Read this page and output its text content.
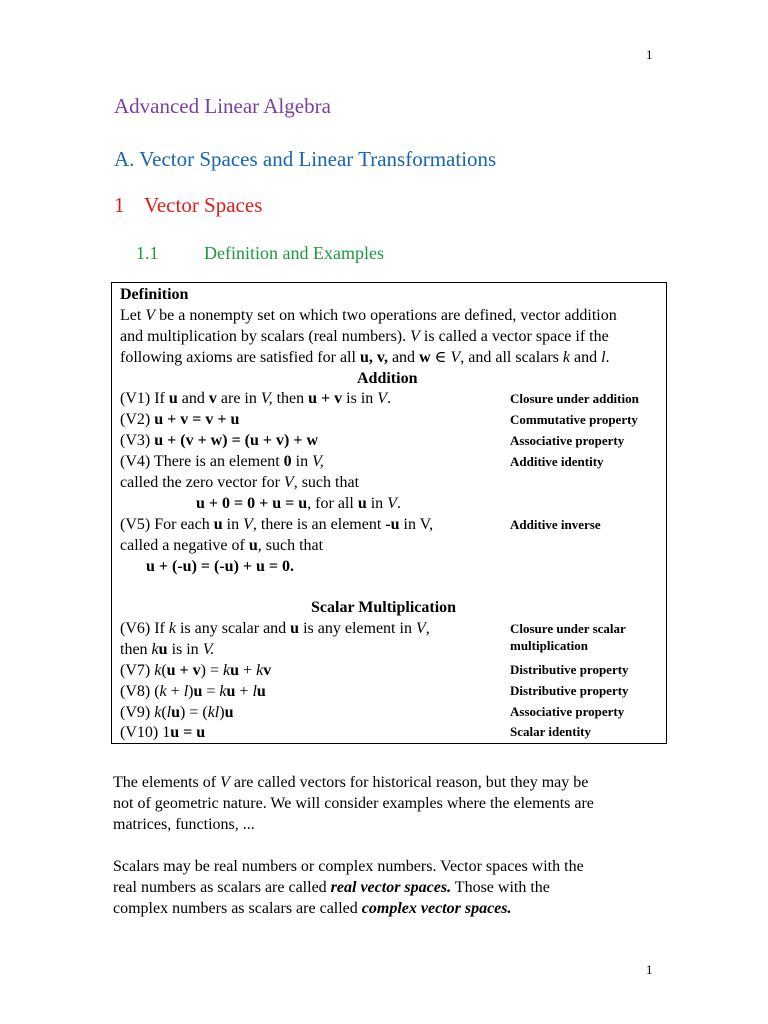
1
Advanced Linear Algebra
A. Vector Spaces and Linear Transformations
1 Vector Spaces
1.1	Definition and Examples
Definition
Let V be a nonempty set on which two operations are defined, vector addition
and multiplication by scalars (real numbers). V is called a vector space if the
following axioms are satisfied for all u, v, and w ∈ V, and all scalars k and l.
Addition
(V1) If u and v are in V, then u + v is in V.	Closure under addition
(V2) u + v = v + u	Commutative property
(V3) u + (v + w) = (u + v) + w	Associative property
(V4) There is an element 0 in V,	Additive identity
called the zero vector for V, such that
u + 0 = 0 + u = u, for all u in V.
(V5) For each u in V, there is an element -u in V,	Additive inverse
called a negative of u, such that
u + (-u) = (-u) + u = 0.
Scalar Multiplication
(V6) If k is any scalar and u is any element in V,	Closure under scalar
then ku is in V.	multiplication
(V7) k(u + v) = ku + kv	Distributive property
(V8) (k + l)u = ku + lu	Distributive property
(V9) k(lu) = (kl)u	Associative property
(V10) 1u = u	Scalar identity
The elements of V are called vectors for historical reason, but they may be
not of geometric nature. We will consider examples where the elements are
matrices, functions, ...
Scalars may be real numbers or complex numbers. Vector spaces with the
real numbers as scalars are called real vector spaces. Those with the
complex numbers as scalars are called complex vector spaces.
1
